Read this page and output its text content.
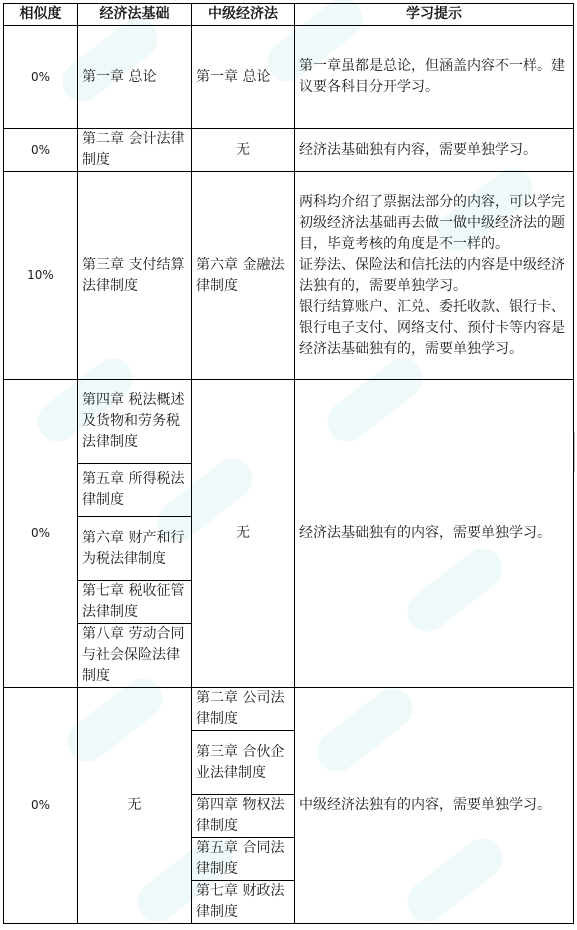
相似度	经济法基础	中级经济法	学习提示
0%	第一章 总论	第一章 总论	第一章虽都是总论，但涵盖内容不一样。建议要各科目分开学习。
0%	第二章 会计法律制度	无	经济法基础独有内容，需要单独学习。
10%	第三章 支付结算法律制度	第六章 金融法律制度	两科均介绍了票据法部分的内容，可以学完初级经济法基础再去做一做中级经济法的题目，毕竟考核的角度是不一样的。

证券法、保险法和信托法的内容是中级经济法独有的，需要单独学习。

银行结算账户、汇兑、委托收款、银行卡、银行电子支付、网络支付、预付卡等内容是经济法基础独有的，需要单独学习。

0%	第四章 税法概述及货物和劳务税法律制度	无	经济法基础独有的内容，需要单独学习。
	第五章 所得税法律制度		
	第六章 财产和行为税法律制度		
	第七章 税收征管法律制度		
	第八章 劳动合同与社会保险法律制度		
0%	无	第二章 公司法律制度	中级经济法独有的内容，需要单独学习。
		第三章 合伙企业法律制度	
		第四章 物权法律制度	
		第五章 合同法律制度	
		第七章 财政法律制度	
